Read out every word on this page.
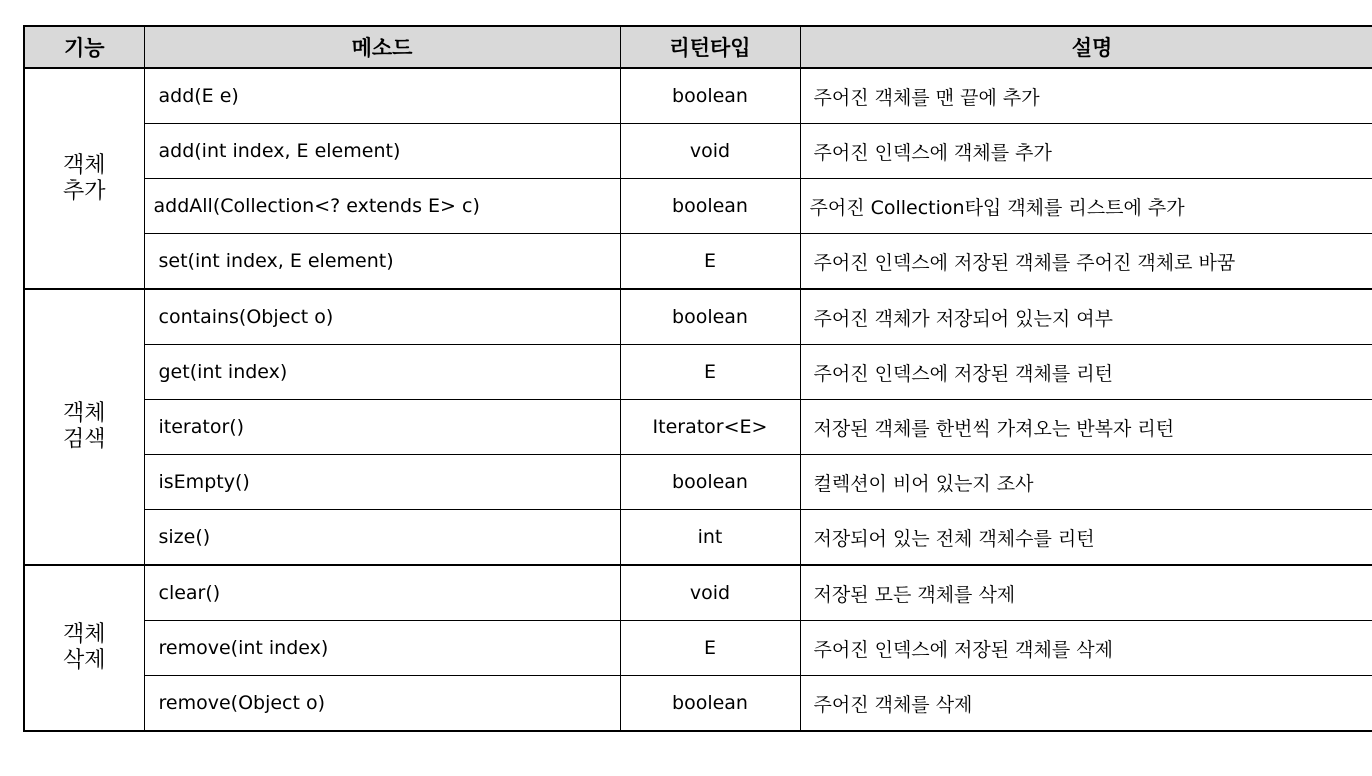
기능	메소드	리턴타입	설명

객체
추가	add(E e)	boolean	주어진 객체를 맨 끝에 추가
	add(int index, E element)	void	주어진 인덱스에 객체를 추가
	addAll(Collection<? extends E> c)	boolean	주어진 Collection타입 객체를 리스트에 추가
	set(int index, E element)	E	주어진 인덱스에 저장된 객체를 주어진 객체로 바꿈

객체
검색	contains(Object o)	boolean	주어진 객체가 저장되어 있는지 여부
	get(int index)	E	주어진 인덱스에 저장된 객체를 리턴
	iterator()	Iterator<E>	저장된 객체를 한번씩 가져오는 반복자 리턴
	isEmpty()	boolean	컬렉션이 비어 있는지 조사
	size()	int	저장되어 있는 전체 객체수를 리턴

객체
삭제	clear()	void	저장된 모든 객체를 삭제
	remove(int index)	E	주어진 인덱스에 저장된 객체를 삭제
	remove(Object o)	boolean	주어진 객체를 삭제
